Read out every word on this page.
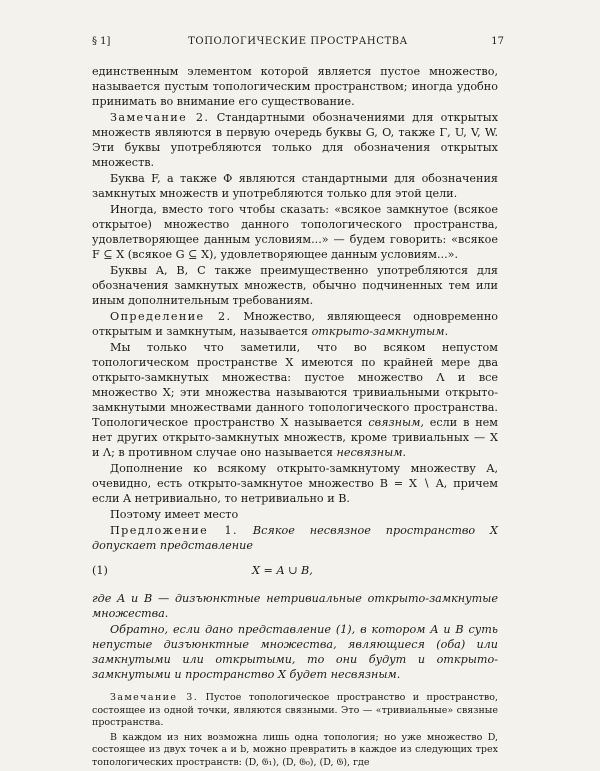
§ 1]	ТОПОЛОГИЧЕСКИЕ ПРОСТРАНСТВА	17

единственным элементом которой является пустое множество, называется пустым топологическим пространством; иногда удобно принимать во внимание его существование.

Замечание 2. Стандартными обозначениями для открытых множеств являются в первую очередь буквы G, O, также Γ, U, V, W. Эти буквы употребляются только для обозначения открытых множеств.

Буква F, а также Φ являются стандартными для обозначения замкнутых множеств и употребляются только для этой цели.

Иногда, вместо того чтобы сказать: «всякое замкнутое (всякое открытое) множество данного топологического пространства, удовлетворяющее данным условиям...» — будем говорить: «всякое F ⊆ X (всякое G ⊆ X), удовлетворяющее данным условиям...».

Буквы A, B, C также преимущественно употребляются для обозначения замкнутых множеств, обычно подчиненных тем или иным дополнительным требованиям.

Определение 2. Множество, являющееся одновременно открытым и замкнутым, называется открыто-замкнутым.

Мы только что заметили, что во всяком непустом топологическом пространстве X имеются по крайней мере два открыто-замкнутых множества: пустое множество Λ и все множество X; эти множества называются тривиальными открыто-замкнутыми множествами данного топологического пространства. Топологическое пространство X называется связным, если в нем нет других открыто-замкнутых множеств, кроме тривиальных — X и Λ; в противном случае оно называется несвязным.

Дополнение ко всякому открыто-замкнутому множеству A, очевидно, есть открыто-замкнутое множество B = X ∖ A, причем если A нетривиально, то нетривиально и B.

Поэтому имеет место

Предложение 1. Всякое несвязное пространство X допускает представление

(1)	X = A ∪ B,

где A и B — дизъюнктные нетривиальные открыто-замкнутые множества.

Обратно, если дано представление (1), в котором A и B суть непустые дизъюнктные множества, являющиеся (оба) или замкнутыми или открытыми, то они будут и открыто-замкнутыми и пространство X будет несвязным.

Замечание 3. Пустое топологическое пространство и пространство, состоящее из одной точки, являются связными. Это — «тривиальные» связные пространства.

В каждом из них возможна лишь одна топология; но уже множество D, состоящее из двух точек a и b, можно превратить в каждое из следующих трех топологических пространств: (D, 𝔊₁), (D, 𝔊₀), (D, 𝔊), где
